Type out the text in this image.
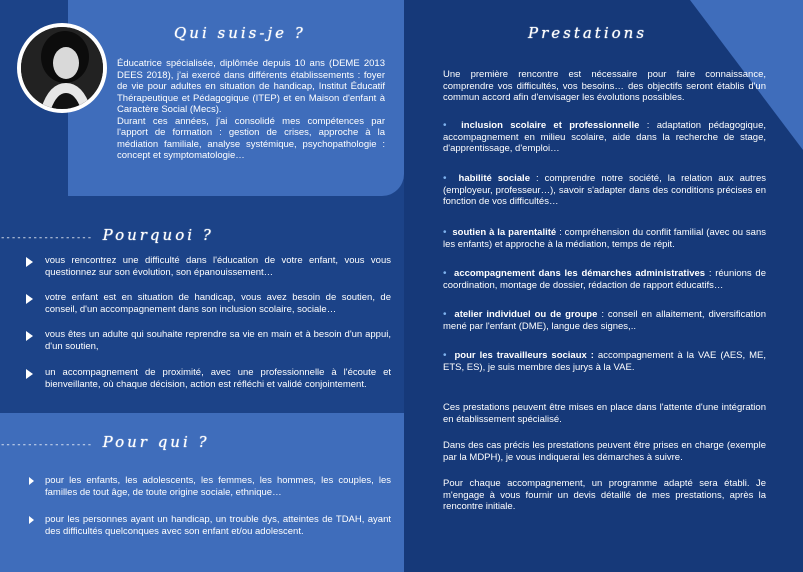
Qui suis-je ?
Éducatrice spécialisée, diplômée depuis 10 ans (DEME 2013 DEES 2018), j'ai exercé dans différents établissements : foyer de vie pour adultes en situation de handicap, Institut Éducatif Thérapeutique et Pédagogique (ITEP) et en Maison d'enfant à Caractère Social (Mecs).
Durant ces années, j'ai consolidé mes compétences par l'apport de formation : gestion de crises, approche à la médiation familiale, analyse systémique, psychopathologie : concept et symptomatologie…
----------------- Pourquoi ?
vous rencontrez une difficulté dans l'éducation de votre enfant, vous vous questionnez sur son évolution, son épanouissement…
votre enfant est en situation de handicap, vous avez besoin de soutien, de conseil, d'un accompagnement dans son inclusion scolaire, sociale…
vous êtes un adulte qui souhaite reprendre sa vie en main et à besoin d'un appui, d'un soutien,
un accompagnement de proximité, avec une professionnelle à l'écoute et bienveillante, où chaque décision, action est réfléchi et validé conjointement.
----------------- Pour qui ?
pour les enfants, les adolescents, les femmes, les hommes, les couples, les familles de tout âge, de toute origine sociale, ethnique…
pour les personnes ayant un handicap, un trouble dys, atteintes de TDAH, ayant des difficultés quelconques avec son enfant et/ou adolescent.
Prestations
Une première rencontre est nécessaire pour faire connaissance, comprendre vos difficultés, vos besoins… des objectifs seront établis d'un commun accord afin d'envisager les évolutions possibles.
• inclusion scolaire et professionnelle : adaptation pédagogique, accompagnement en milieu scolaire, aide dans la recherche de stage, d'apprentissage, d'emploi…
• habilité sociale : comprendre notre société, la relation aux autres (employeur, professeur…), savoir s'adapter dans des conditions précises en fonction de vos difficultés…
• soutien à la parentalité : compréhension du conflit familial (avec ou sans les enfants) et approche à la médiation, temps de répit.
• accompagnement dans les démarches administratives : réunions de coordination, montage de dossier, rédaction de rapport éducatifs…
• atelier individuel ou de groupe : conseil en allaitement, diversification mené par l'enfant (DME), langue des signes,..
• pour les travailleurs sociaux : accompagnement à la VAE (AES, ME, ETS, ES), je suis membre des jurys à la VAE.
Ces prestations peuvent être mises en place dans l'attente d'une intégration en établissement spécialisé.
Dans des cas précis les prestations peuvent être prises en charge (exemple par la MDPH), je vous indiquerai les démarches à suivre.
Pour chaque accompagnement, un programme adapté sera établi. Je m'engage à vous fournir un devis détaillé de mes prestations, après la rencontre initiale.
